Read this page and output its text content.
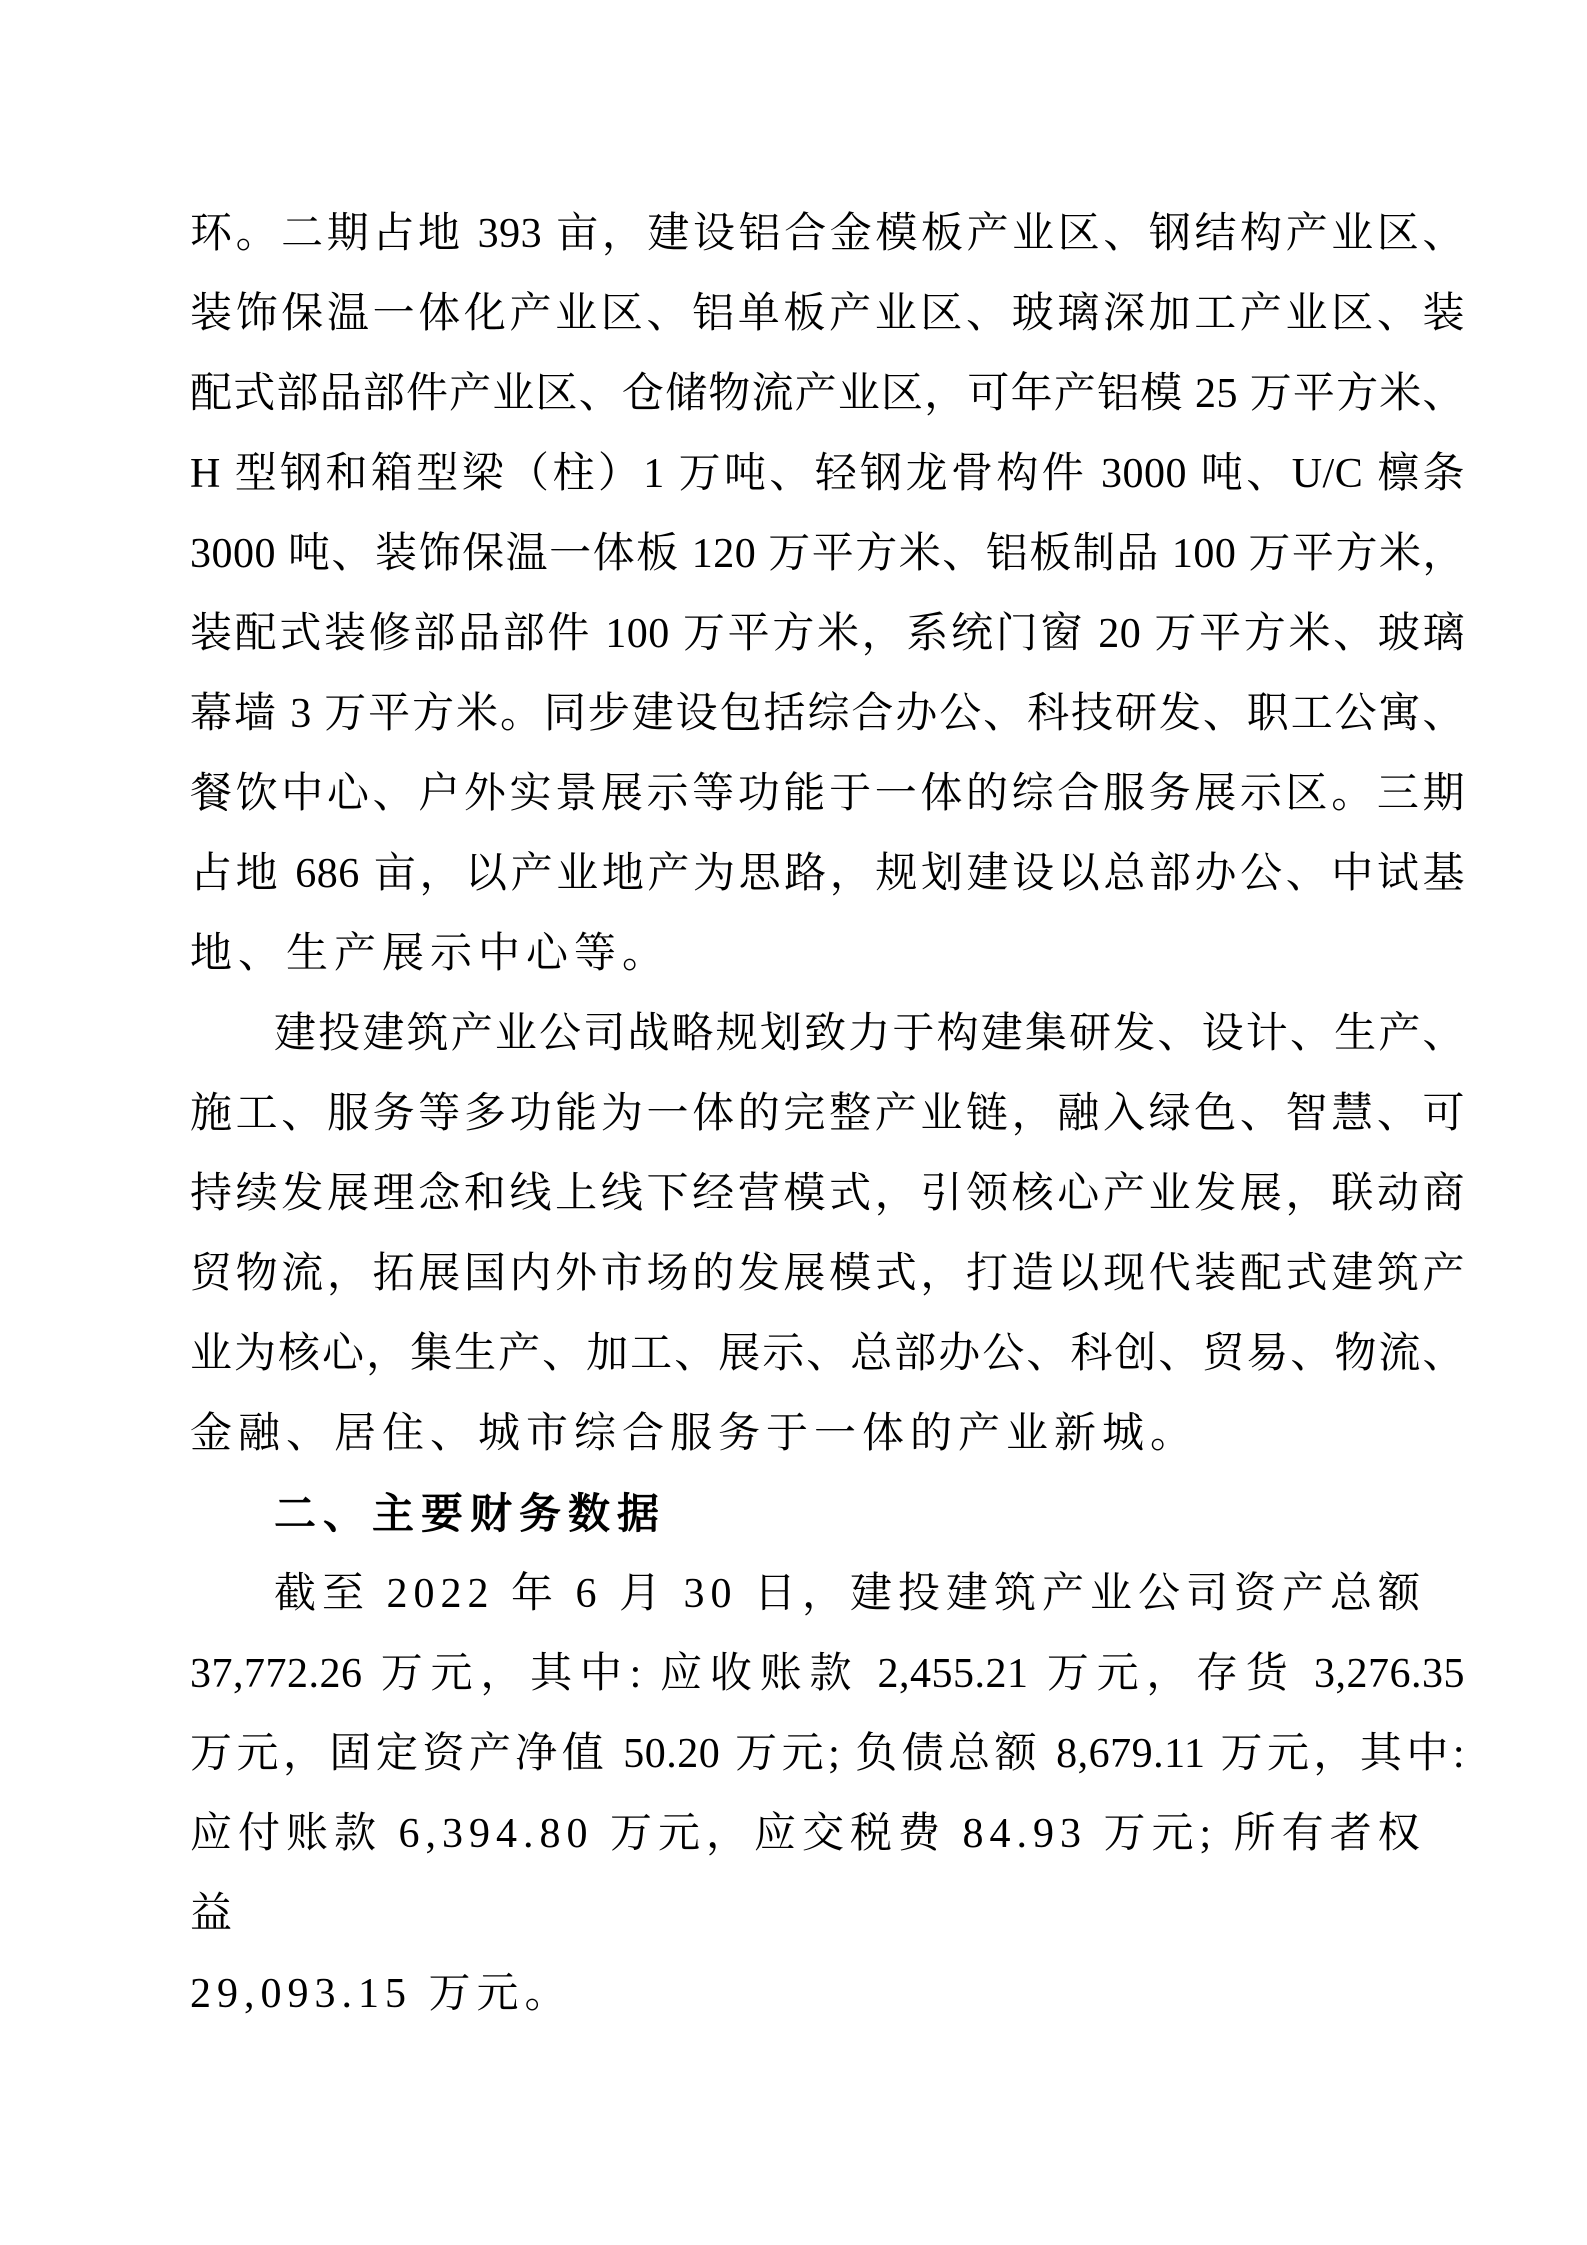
环。二期占地 393 亩，建设铝合金模板产业区、钢结构产业区、
装饰保温一体化产业区、铝单板产业区、玻璃深加工产业区、装
配式部品部件产业区、仓储物流产业区，可年产铝模 25 万平方米、
H 型钢和箱型梁（柱）1 万吨、轻钢龙骨构件 3000 吨、U/C 檩条
3000 吨、装饰保温一体板 120 万平方米、铝板制品 100 万平方米，
装配式装修部品部件 100 万平方米，系统门窗 20 万平方米、玻璃
幕墙 3 万平方米。同步建设包括综合办公、科技研发、职工公寓、
餐饮中心、户外实景展示等功能于一体的综合服务展示区。三期
占地 686 亩，以产业地产为思路，规划建设以总部办公、中试基
地、生产展示中心等。
建投建筑产业公司战略规划致力于构建集研发、设计、生产、
施工、服务等多功能为一体的完整产业链，融入绿色、智慧、可
持续发展理念和线上线下经营模式，引领核心产业发展，联动商
贸物流，拓展国内外市场的发展模式，打造以现代装配式建筑产
业为核心，集生产、加工、展示、总部办公、科创、贸易、物流、
金融、居住、城市综合服务于一体的产业新城。
二、主要财务数据
截至 2022 年 6 月 30 日，建投建筑产业公司资产总额
37,772.26 万元，其中: 应收账款 2,455.21 万元，存货 3,276.35
万元，固定资产净值 50.20 万元; 负债总额 8,679.11 万元，其中:
应付账款 6,394.80 万元，应交税费 84.93 万元; 所有者权益
29,093.15 万元。
